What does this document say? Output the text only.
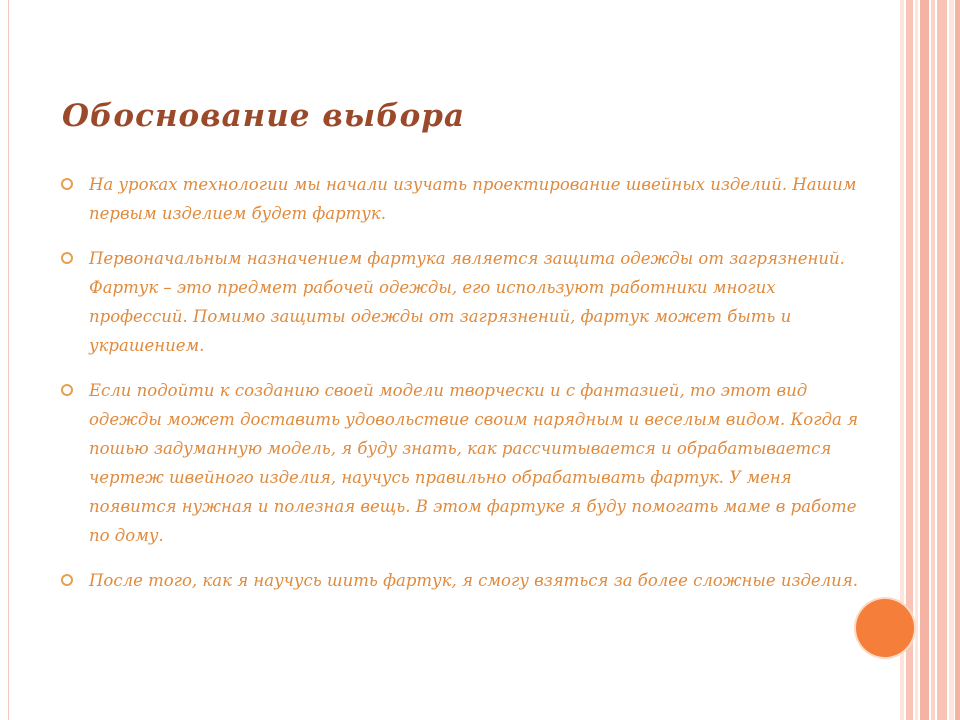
Обоснование выбора
На уроках технологии мы начали изучать проектирование швейных изделий. Нашим первым изделием будет фартук.
Первоначальным назначением фартука является защита одежды от загрязнений. Фартук – это предмет рабочей одежды, его используют работники многих профессий. Помимо защиты одежды от загрязнений, фартук может быть и украшением.
Если подойти к созданию своей модели творчески и с фантазией, то этот вид одежды может доставить удовольствие своим нарядным и веселым видом. Когда я пошью задуманную модель, я буду знать, как рассчитывается и обрабатывается чертеж швейного изделия, научусь правильно обрабатывать фартук. У меня появится нужная и полезная вещь. В этом фартуке я буду помогать маме в работе по дому.
После того, как я научусь шить фартук, я смогу взяться за более сложные изделия.
